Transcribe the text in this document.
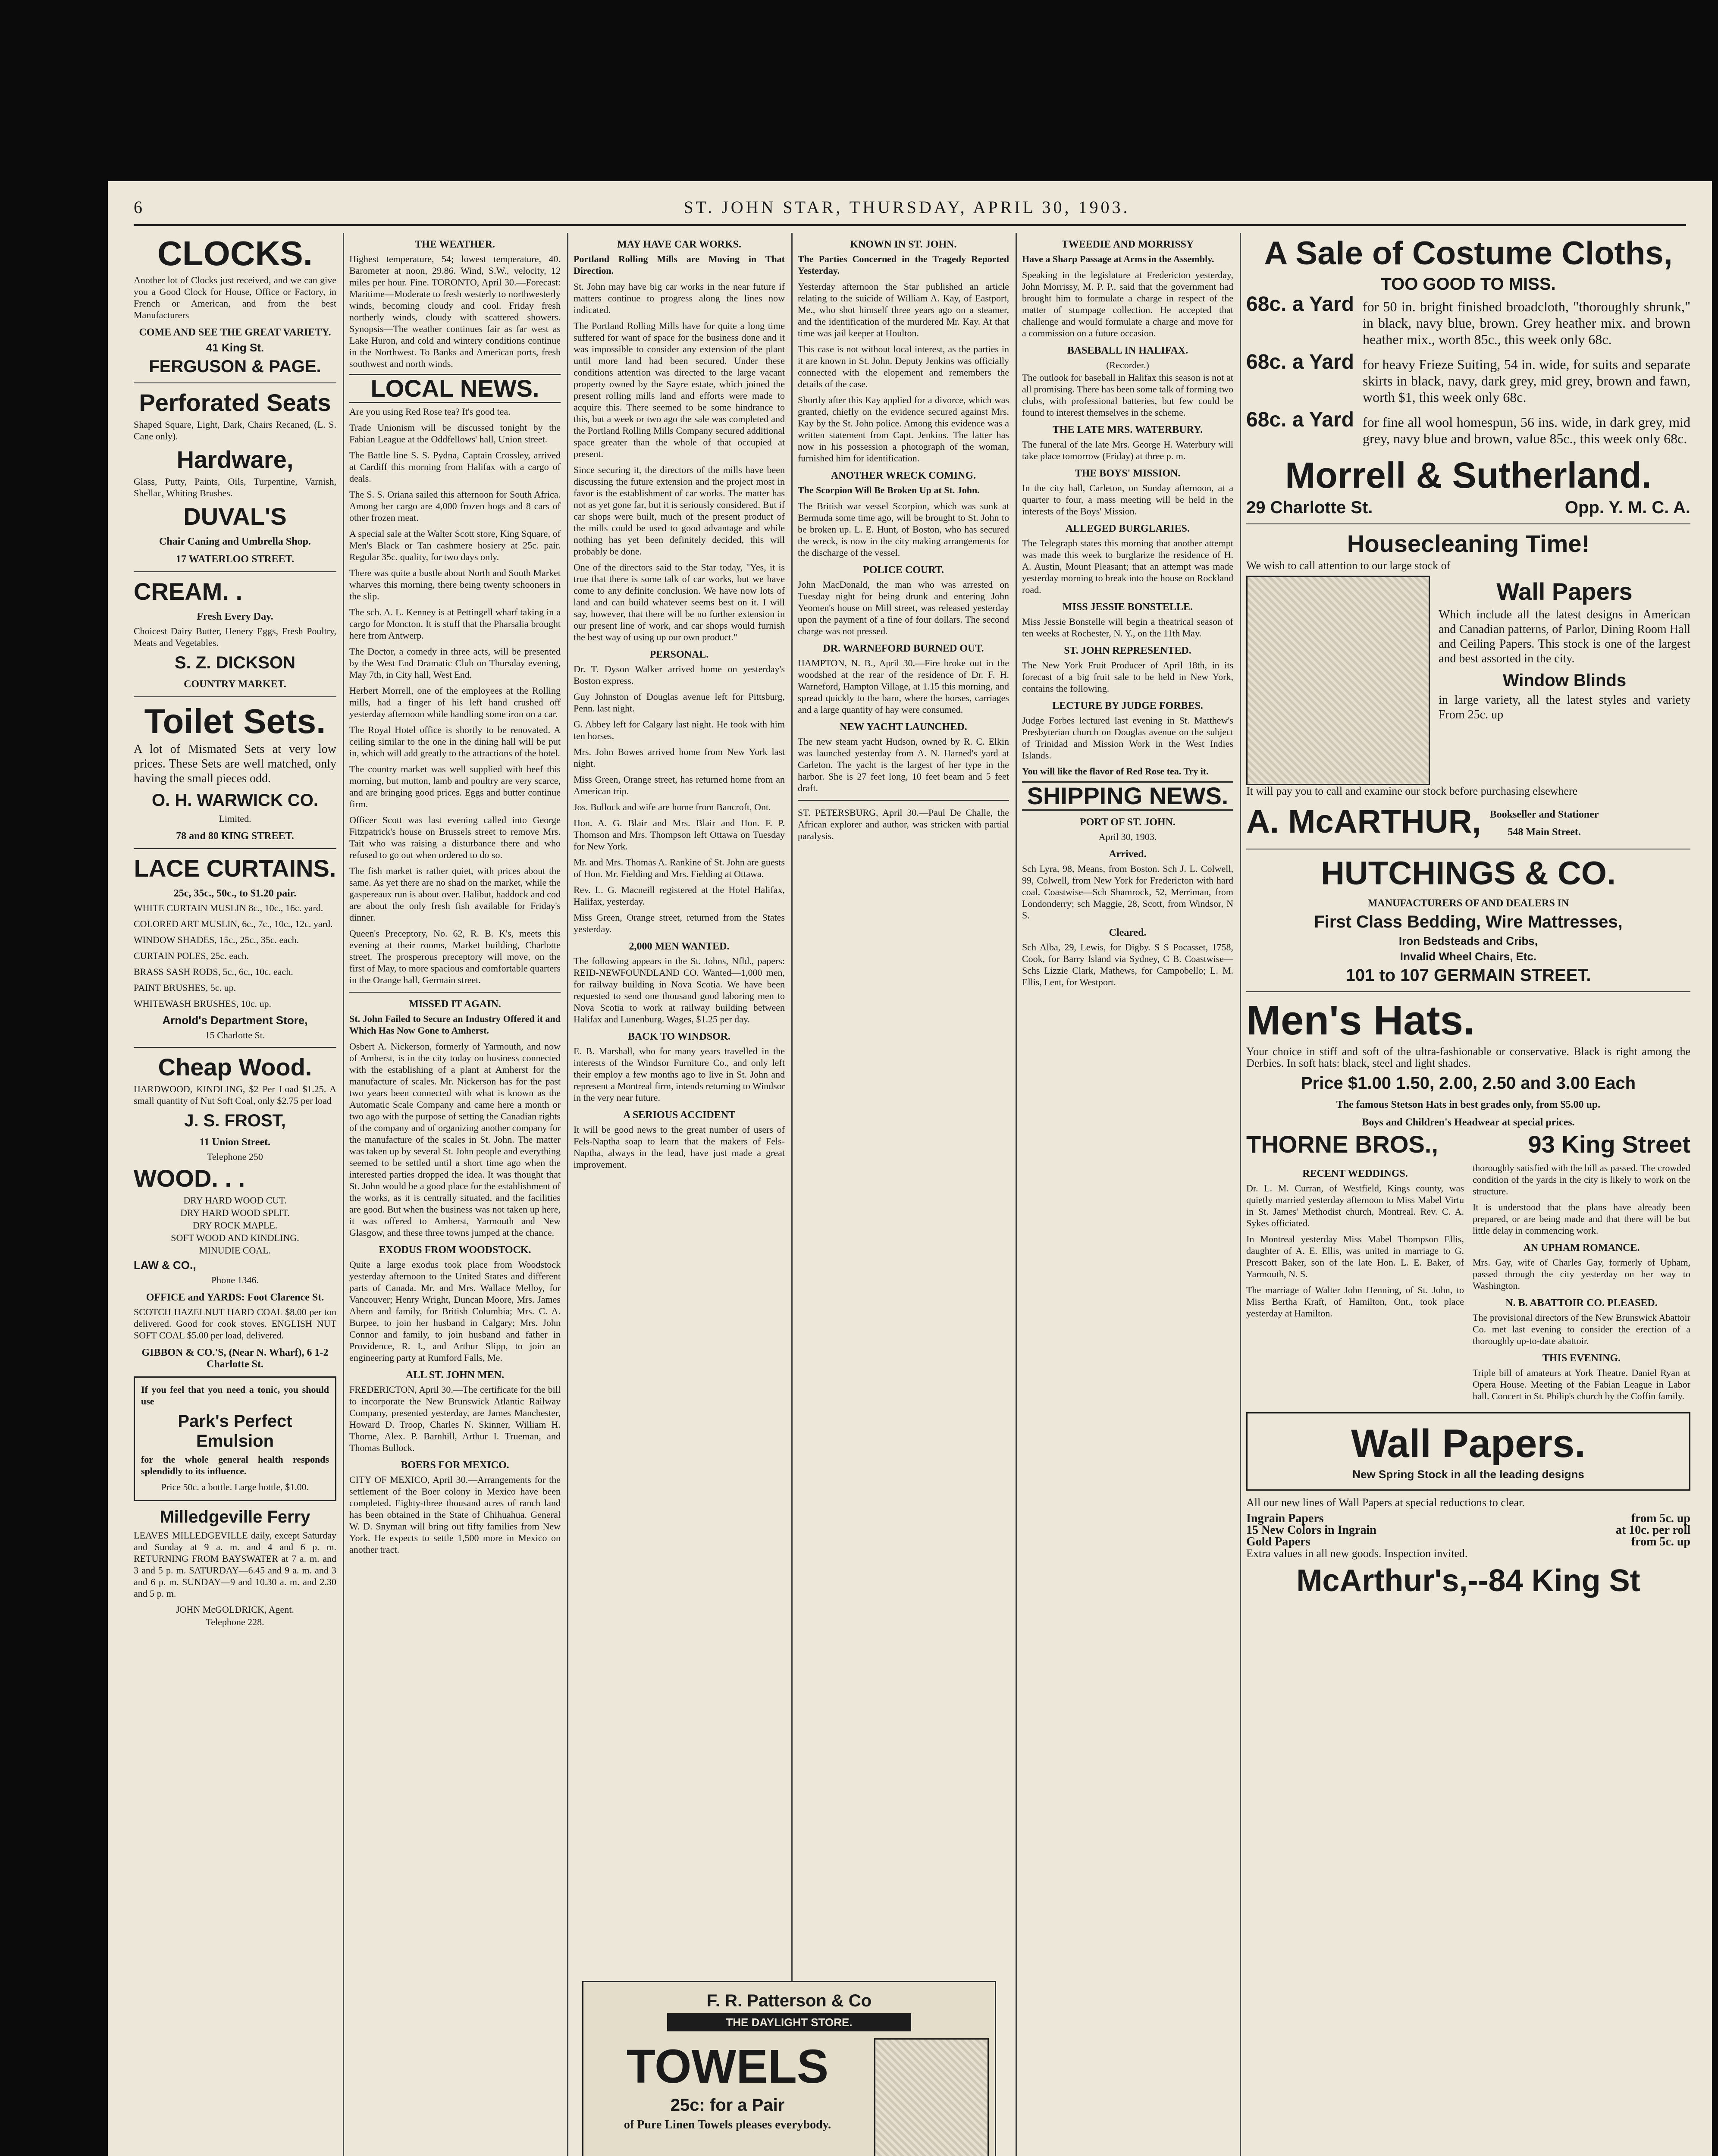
6	ST. JOHN STAR, THURSDAY, APRIL 30, 1903.
CLOCKS.

Another lot of Clocks just received, and we can give you a Good Clock for House, Office or Factory, in French or American, and from the best Manufacturers

COME AND SEE THE GREAT VARIETY.
41 King St.
FERGUSON & PAGE.
Perforated Seats

Shaped Square, Light, Dark, Chairs Recaned, (L. S. Cane only).

Hardware,

Glass, Putty, Paints, Oils, Turpentine, Varnish, Shellac, Whiting Brushes.

DUVAL'S
Chair Caning and Umbrella Shop.
17 WATERLOO STREET.
CREAM. .
Fresh Every Day.

Choicest Dairy Butter, Henery Eggs, Fresh Poultry, Meats and Vegetables.

S. Z. DICKSON
COUNTRY MARKET.
Toilet Sets.

A lot of Mismated Sets at very low prices. These Sets are well matched, only having the small pieces odd.

O. H. WARWICK CO.
Limited.
78 and 80 KING STREET.
LACE CURTAINS.
25c, 35c., 50c., to $1.20 pair.

WHITE CURTAIN MUSLIN 8c., 10c., 16c. yard.

COLORED ART MUSLIN, 6c., 7c., 10c., 12c. yard.

WINDOW SHADES, 15c., 25c., 35c. each.

CURTAIN POLES, 25c. each.

BRASS SASH RODS, 5c., 6c., 10c. each.

PAINT BRUSHES, 5c. up.

WHITEWASH BRUSHES, 10c. up.

Arnold's Department Store,
15 Charlotte St.
Cheap Wood.

HARDWOOD, KINDLING, $2 Per Load $1.25. A small quantity of Nut Soft Coal, only $2.75 per load

J. S. FROST,
11 Union Street.
Telephone 250
WOOD. . .
DRY HARD WOOD CUT.
DRY HARD WOOD SPLIT.
DRY ROCK MAPLE.
SOFT WOOD AND KINDLING.
MINUDIE COAL.
LAW & CO.,
Phone 1346.
OFFICE and YARDS: Foot Clarence St.

SCOTCH HAZELNUT HARD COAL $8.00 per ton delivered. Good for cook stoves. ENGLISH NUT SOFT COAL $5.00 per load, delivered.

GIBBON & CO.'S, (Near N. Wharf), 6 1-2 Charlotte St.

If you feel that you need a tonic, you should use

Park's Perfect Emulsion

for the whole general health responds splendidly to its influence.

Price 50c. a bottle. Large bottle, $1.00.
Milledgeville Ferry

LEAVES MILLEDGEVILLE daily, except Saturday and Sunday at 9 a. m. and 4 and 6 p. m. RETURNING FROM BAYSWATER at 7 a. m. and 3 and 5 p. m. SATURDAY—6.45 and 9 a. m. and 3 and 6 p. m. SUNDAY—9 and 10.30 a. m. and 2.30 and 5 p. m.

JOHN McGOLDRICK, Agent.
Telephone 228.
THE WEATHER.

Highest temperature, 54; lowest temperature, 40. Barometer at noon, 29.86. Wind, S.W., velocity, 12 miles per hour. Fine. TORONTO, April 30.—Forecast: Maritime—Moderate to fresh westerly to northwesterly winds, becoming cloudy and cool. Friday fresh northerly winds, cloudy with scattered showers. Synopsis—The weather continues fair as far west as Lake Huron, and cold and wintery conditions continue in the Northwest. To Banks and American ports, fresh southwest and north winds.

LOCAL NEWS.

Are you using Red Rose tea? It's good tea.

Trade Unionism will be discussed tonight by the Fabian League at the Oddfellows' hall, Union street.

The Battle line S. S. Pydna, Captain Crossley, arrived at Cardiff this morning from Halifax with a cargo of deals.

The S. S. Oriana sailed this afternoon for South Africa. Among her cargo are 4,000 frozen hogs and 8 cars of other frozen meat.

A special sale at the Walter Scott store, King Square, of Men's Black or Tan cashmere hosiery at 25c. pair. Regular 35c. quality, for two days only.

There was quite a bustle about North and South Market wharves this morning, there being twenty schooners in the slip.

The sch. A. L. Kenney is at Pettingell wharf taking in a cargo for Moncton. It is stuff that the Pharsalia brought here from Antwerp.

The Doctor, a comedy in three acts, will be presented by the West End Dramatic Club on Thursday evening, May 7th, in City hall, West End.

Herbert Morrell, one of the employees at the Rolling mills, had a finger of his left hand crushed off yesterday afternoon while handling some iron on a car.

The Royal Hotel office is shortly to be renovated. A ceiling similar to the one in the dining hall will be put in, which will add greatly to the attractions of the hotel.

The country market was well supplied with beef this morning, but mutton, lamb and poultry are very scarce, and are bringing good prices. Eggs and butter continue firm.

Officer Scott was last evening called into George Fitzpatrick's house on Brussels street to remove Mrs. Tait who was raising a disturbance there and who refused to go out when ordered to do so.

The fish market is rather quiet, with prices about the same. As yet there are no shad on the market, while the gaspereaux run is about over. Halibut, haddock and cod are about the only fresh fish available for Friday's dinner.

Queen's Preceptory, No. 62, R. B. K's, meets this evening at their rooms, Market building, Charlotte street. The prosperous preceptory will move, on the first of May, to more spacious and comfortable quarters in the Orange hall, Germain street.

MISSED IT AGAIN.

St. John Failed to Secure an Industry Offered it and Which Has Now Gone to Amherst.

Osbert A. Nickerson, formerly of Yarmouth, and now of Amherst, is in the city today on business connected with the establishing of a plant at Amherst for the manufacture of scales. Mr. Nickerson has for the past two years been connected with what is known as the Automatic Scale Company and came here a month or two ago with the purpose of setting the Canadian rights of the company and of organizing another company for the manufacture of the scales in St. John. The matter was taken up by several St. John people and everything seemed to be settled until a short time ago when the interested parties dropped the idea. It was thought that St. John would be a good place for the establishment of the works, as it is centrally situated, and the facilities are good. But when the business was not taken up here, it was offered to Amherst, Yarmouth and New Glasgow, and these three towns jumped at the chance.

EXODUS FROM WOODSTOCK.

Quite a large exodus took place from Woodstock yesterday afternoon to the United States and different parts of Canada. Mr. and Mrs. Wallace Melloy, for Vancouver; Henry Wright, Duncan Moore, Mrs. James Ahern and family, for British Columbia; Mrs. C. A. Burpee, to join her husband in Calgary; Mrs. John Connor and family, to join husband and father in Providence, R. I., and Arthur Slipp, to join an engineering party at Rumford Falls, Me.

ALL ST. JOHN MEN.

FREDERICTON, April 30.—The certificate for the bill to incorporate the New Brunswick Atlantic Railway Company, presented yesterday, are James Manchester, Howard D. Troop, Charles N. Skinner, William H. Thorne, Alex. P. Barnhill, Arthur I. Trueman, and Thomas Bullock.

BOERS FOR MEXICO.

CITY OF MEXICO, April 30.—Arrangements for the settlement of the Boer colony in Mexico have been completed. Eighty-three thousand acres of ranch land has been obtained in the State of Chihuahua. General W. D. Snyman will bring out fifty families from New York. He expects to settle 1,500 more in Mexico on another tract.

MAY HAVE CAR WORKS.

Portland Rolling Mills are Moving in That Direction.

St. John may have big car works in the near future if matters continue to progress along the lines now indicated.

The Portland Rolling Mills have for quite a long time suffered for want of space for the business done and it was impossible to consider any extension of the plant until more land had been secured. Under these conditions attention was directed to the large vacant property owned by the Sayre estate, which joined the present rolling mills land and efforts were made to acquire this. There seemed to be some hindrance to this, but a week or two ago the sale was completed and the Portland Rolling Mills Company secured additional space greater than the whole of that occupied at present.

Since securing it, the directors of the mills have been discussing the future extension and the project most in favor is the establishment of car works. The matter has not as yet gone far, but it is seriously considered. But if car shops were built, much of the present product of the mills could be used to good advantage and while nothing has yet been definitely decided, this will probably be done.

One of the directors said to the Star today, "Yes, it is true that there is some talk of car works, but we have come to any definite conclusion. We have now lots of land and can build whatever seems best on it. I will say, however, that there will be no further extension in our present line of work, and car shops would furnish the best way of using up our own product."

PERSONAL.

Dr. T. Dyson Walker arrived home on yesterday's Boston express.

Guy Johnston of Douglas avenue left for Pittsburg, Penn. last night.

G. Abbey left for Calgary last night. He took with him ten horses.

Mrs. John Bowes arrived home from New York last night.

Miss Green, Orange street, has returned home from an American trip.

Jos. Bullock and wife are home from Bancroft, Ont.

Hon. A. G. Blair and Mrs. Blair and Hon. F. P. Thomson and Mrs. Thompson left Ottawa on Tuesday for New York.

Mr. and Mrs. Thomas A. Rankine of St. John are guests of Hon. Mr. Fielding and Mrs. Fielding at Ottawa.

Rev. L. G. Macneill registered at the Hotel Halifax, Halifax, yesterday.

Miss Green, Orange street, returned from the States yesterday.

2,000 MEN WANTED.

The following appears in the St. Johns, Nfld., papers: REID-NEWFOUNDLAND CO. Wanted—1,000 men, for railway building in Nova Scotia. We have been requested to send one thousand good laboring men to Nova Scotia to work at railway building between Halifax and Lunenburg. Wages, $1.25 per day.

BACK TO WINDSOR.

E. B. Marshall, who for many years travelled in the interests of the Windsor Furniture Co., and only left their employ a few months ago to live in St. John and represent a Montreal firm, intends returning to Windsor in the very near future.

A SERIOUS ACCIDENT

It will be good news to the great number of users of Fels-Naptha soap to learn that the makers of Fels-Naptha, always in the lead, have just made a great improvement.

KNOWN IN ST. JOHN.

The Parties Concerned in the Tragedy Reported Yesterday.

Yesterday afternoon the Star published an article relating to the suicide of William A. Kay, of Eastport, Me., who shot himself three years ago on a steamer, and the identification of the murdered Mr. Kay. At that time was jail keeper at Houlton.

This case is not without local interest, as the parties in it are known in St. John. Deputy Jenkins was officially connected with the elopement and remembers the details of the case.

Shortly after this Kay applied for a divorce, which was granted, chiefly on the evidence secured against Mrs. Kay by the St. John police. Among this evidence was a written statement from Capt. Jenkins. The latter has now in his possession a photograph of the woman, furnished him for identification.

ANOTHER WRECK COMING.

The Scorpion Will Be Broken Up at St. John.

The British war vessel Scorpion, which was sunk at Bermuda some time ago, will be brought to St. John to be broken up. L. E. Hunt, of Boston, who has secured the wreck, is now in the city making arrangements for the discharge of the vessel.

POLICE COURT.

John MacDonald, the man who was arrested on Tuesday night for being drunk and entering John Yeomen's house on Mill street, was released yesterday upon the payment of a fine of four dollars. The second charge was not pressed.

DR. WARNEFORD BURNED OUT.

HAMPTON, N. B., April 30.—Fire broke out in the woodshed at the rear of the residence of Dr. F. H. Warneford, Hampton Village, at 1.15 this morning, and spread quickly to the barn, where the horses, carriages and a large quantity of hay were consumed.

NEW YACHT LAUNCHED.

The new steam yacht Hudson, owned by R. C. Elkin was launched yesterday from A. N. Harned's yard at Carleton. The yacht is the largest of her type in the harbor. She is 27 feet long, 10 feet beam and 5 feet draft.

ST. PETERSBURG, April 30.—Paul De Challe, the African explorer and author, was stricken with partial paralysis.

F. R. Patterson & Co
THE DAYLIGHT STORE.
TOWELS
25c: for a Pair

of Pure Linen Towels pleases everybody.

TWEEDIE AND MORRISSY

Have a Sharp Passage at Arms in the Assembly.

Speaking in the legislature at Fredericton yesterday, John Morrissy, M. P. P., said that the government had brought him to formulate a charge in respect of the matter of stumpage collection. He accepted that challenge and would formulate a charge and move for a commission on a future occasion.

BASEBALL IN HALIFAX.
(Recorder.)

The outlook for baseball in Halifax this season is not at all promising. There has been some talk of forming two clubs, with professional batteries, but few could be found to interest themselves in the scheme.

THE LATE MRS. WATERBURY.

The funeral of the late Mrs. George H. Waterbury will take place tomorrow (Friday) at three p. m.

THE BOYS' MISSION.

In the city hall, Carleton, on Sunday afternoon, at a quarter to four, a mass meeting will be held in the interests of the Boys' Mission.

ALLEGED BURGLARIES.

The Telegraph states this morning that another attempt was made this week to burglarize the residence of H. A. Austin, Mount Pleasant; that an attempt was made yesterday morning to break into the house on Rockland road.

MISS JESSIE BONSTELLE.

Miss Jessie Bonstelle will begin a theatrical season of ten weeks at Rochester, N. Y., on the 11th May.

ST. JOHN REPRESENTED.

The New York Fruit Producer of April 18th, in its forecast of a big fruit sale to be held in New York, contains the following.

LECTURE BY JUDGE FORBES.

Judge Forbes lectured last evening in St. Matthew's Presbyterian church on Douglas avenue on the subject of Trinidad and Mission Work in the West Indies Islands.

You will like the flavor of Red Rose tea. Try it.

SHIPPING NEWS.
PORT OF ST. JOHN.
April 30, 1903.
Arrived.

Sch Lyra, 98, Means, from Boston. Sch J. L. Colwell, 99, Colwell, from New York for Fredericton with hard coal. Coastwise—Sch Shamrock, 52, Merriman, from Londonderry; sch Maggie, 28, Scott, from Windsor, N S.

Cleared.

Sch Alba, 29, Lewis, for Digby. S S Pocasset, 1758, Cook, for Barry Island via Sydney, C B. Coastwise—Schs Lizzie Clark, Mathews, for Campobello; L. M. Ellis, Lent, for Westport.

A Sale of Costume Cloths,
TOO GOOD TO MISS.
68c. a Yard for 50 in. bright finished broadcloth, "thoroughly shrunk," in black, navy blue, brown. Grey heather mix. and brown heather mix., worth 85c., this week only 68c.

68c. a Yard for heavy Frieze Suiting, 54 in. wide, for suits and separate skirts in black, navy, dark grey, mid grey, brown and fawn, worth $1, this week only 68c.

68c. a Yard for fine all wool homespun, 56 ins. wide, in dark grey, mid grey, navy blue and brown, value 85c., this week only 68c.

Morrell & Sutherland.
29 Charlotte St.	Opp. Y. M. C. A.
Housecleaning Time!

We wish to call attention to our large stock of

Wall Papers

Which include all the latest designs in American and Canadian patterns, of Parlor, Dining Room Hall and Ceiling Papers. This stock is one of the largest and best assorted in the city.

Window Blinds

in large variety, all the latest styles and variety From 25c. up

It will pay you to call and examine our stock before purchasing elsewhere

A. McARTHUR, Bookseller and Stationer
548 Main Street.
HUTCHINGS & CO.
MANUFACTURERS OF AND DEALERS IN
First Class Bedding, Wire Mattresses,
Iron Bedsteads and Cribs,
Invalid Wheel Chairs, Etc.
101 to 107 GERMAIN STREET.
Men's Hats.

Your choice in stiff and soft of the ultra-fashionable or conservative. Black is right among the Derbies. In soft hats: black, steel and light shades.

Price $1.00 1.50, 2.00, 2.50 and 3.00 Each
The famous Stetson Hats in best grades only, from $5.00 up.
Boys and Children's Headwear at special prices.
THORNE BROS.,	93 King Street
RECENT WEDDINGS.

Dr. L. M. Curran, of Westfield, Kings county, was quietly married yesterday afternoon to Miss Mabel Virtu in St. James' Methodist church, Montreal. Rev. C. A. Sykes officiated.

In Montreal yesterday Miss Mabel Thompson Ellis, daughter of A. E. Ellis, was united in marriage to G. Prescott Baker, son of the late Hon. L. E. Baker, of Yarmouth, N. S.

The marriage of Walter John Henning, of St. John, to Miss Bertha Kraft, of Hamilton, Ont., took place yesterday at Hamilton.

thoroughly satisfied with the bill as passed. The crowded condition of the yards in the city is likely to work on the structure.

It is understood that the plans have already been prepared, or are being made and that there will be but little delay in commencing work.

AN UPHAM ROMANCE.

Mrs. Gay, wife of Charles Gay, formerly of Upham, passed through the city yesterday on her way to Washington.

N. B. ABATTOIR CO. PLEASED.

The provisional directors of the New Brunswick Abattoir Co. met last evening to consider the erection of a thoroughly up-to-date abattoir.

THIS EVENING.

Triple bill of amateurs at York Theatre. Daniel Ryan at Opera House. Meeting of the Fabian League in Labor hall. Concert in St. Philip's church by the Coffin family.

Wall Papers.
New Spring Stock in all the leading designs

All our new lines of Wall Papers at special reductions to clear.

Ingrain Papers	from 5c. up
15 New Colors in Ingrain	at 10c. per roll
Gold Papers	from 5c. up

Extra values in all new goods. Inspection invited.

McArthur's,--84 King St
